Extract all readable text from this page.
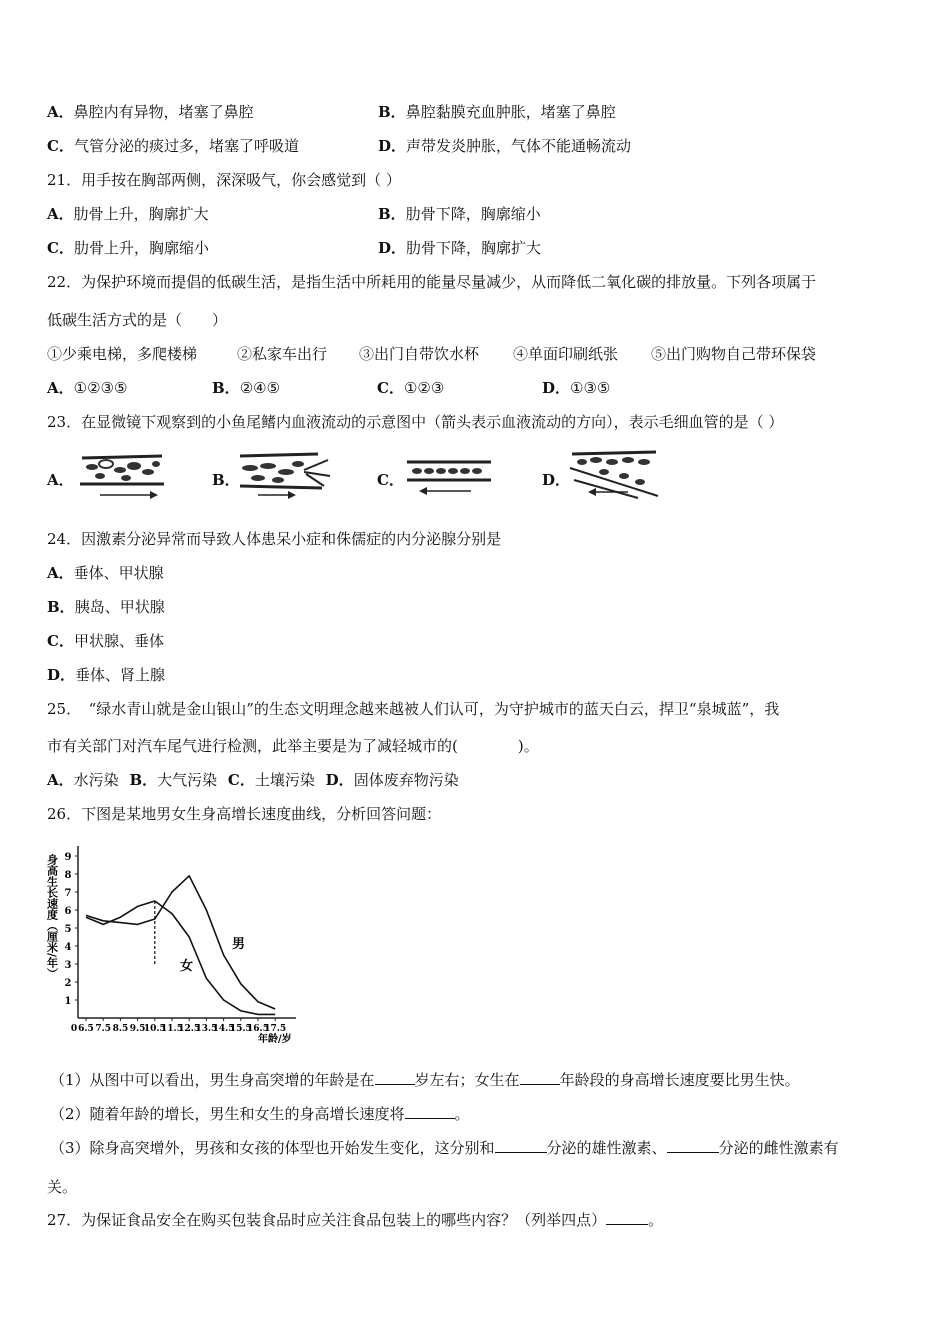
A．鼻腔内有异物，堵塞了鼻腔	B．鼻腔黏膜充血肿胀，堵塞了鼻腔
C．气管分泌的痰过多，堵塞了呼吸道	D．声带发炎肿胀，气体不能通畅流动
21．用手按在胸部两侧，深深吸气，你会感觉到（ ）
A．肋骨上升，胸廓扩大	B．肋骨下降，胸廓缩小
C．肋骨上升，胸廓缩小	D．肋骨下降，胸廓扩大
22．为保护环境而提倡的低碳生活，是指生活中所耗用的能量尽量减少，从而降低二氧化碳的排放量。下列各项属于
低碳生活方式的是（　　）
①少乘电梯，多爬楼梯	②私家车出行 ③出门自带饮水杯 ④单面印刷纸张 ⑤出门购物自己带环保袋
A．①②③⑤	B．②④⑤	C．①②③	D．①③⑤
23．在显微镜下观察到的小鱼尾鳍内血液流动的示意图中（箭头表示血液流动的方向），表示毛细血管的是（ ）
A．	B．	C．	D．
24．因激素分泌异常而导致人体患呆小症和侏儒症的内分泌腺分别是
A．垂体、甲状腺
B．胰岛、甲状腺
C．甲状腺、垂体
D．垂体、肾上腺
25．　“绿水青山就是金山银山”的生态文明理念越来越被人们认可，为守护城市的蓝天白云，捍卫“泉城蓝”，我
市有关部门对汽车尾气进行检测，此举主要是为了减轻城市的(　　　　)。
A．水污染 B．大气污染 C．土壤污染 D．固体废弃物污染
26．下图是某地男女生身高增长速度曲线，分析回答问题：
1
2
3
4
5
6
7
8
9
0 6.5 7.5 8.5 9.5
10.5
11.5
12.5
13.5
14.5
15.5
16.5
17.5
身高生长速度（厘米/年）
年龄/岁
男
女
（1）从图中可以看出，男生身高突增的年龄是在	岁左右；女生在	年龄段的身高增长速度要比男生快。
（2）随着年龄的增长，男生和女生的身高增长速度将	。
（3）除身高突增外，男孩和女孩的体型也开始发生变化，这分别和	分泌的雄性激素、	分泌的雌性激素有
关。
27．为保证食品安全在购买包装食品时应关注食品包装上的哪些内容？（列举四点）	。
